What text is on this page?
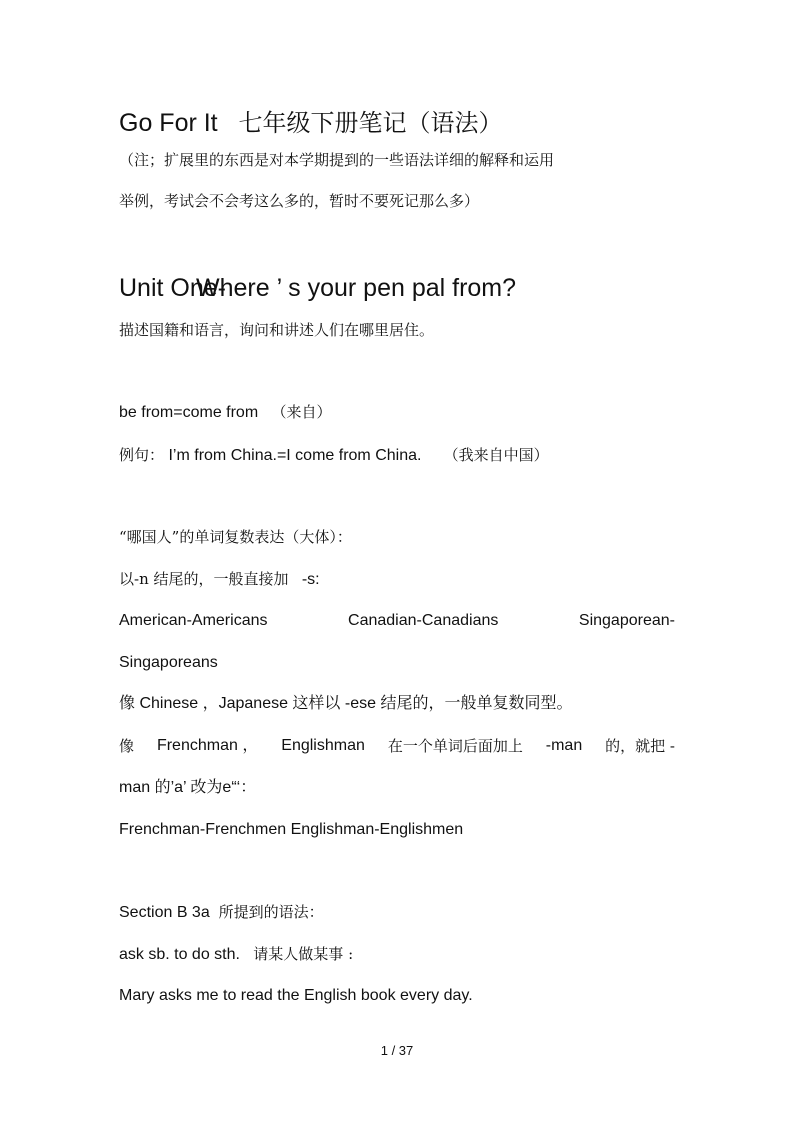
Go For It 七年级下册笔记（语法）
（注；扩展里的东西是对本学期提到的一些语法详细的解释和运用
举例，考试会不会考这么多的，暂时不要死记那么多）
Unit One-Where ’ s your pen pal from?
描述国籍和语言，询问和讲述人们在哪里居住。
be from=come from （来自）
例句： I’m from China.=I come from China. （我来自中国）
“哪国人”的单词复数表达（大体）：
以-n 结尾的，一般直接加 -s:
American-Americans	Canadian-Canadians	Singaporean-
Singaporeans
像 Chinese ，Japanese 这样以 -ese 结尾的，一般单复数同型。
像 Frenchman ， Englishman 在一个单词后面加上 -man 的，就把 -
man 的’a’ 改为e“‘：
Frenchman-Frenchmen Englishman-Englishmen
Section B 3a 所提到的语法：
ask sb. to do sth. 请某人做某事 :
Mary asks me to read the English book every day.
1 / 37
